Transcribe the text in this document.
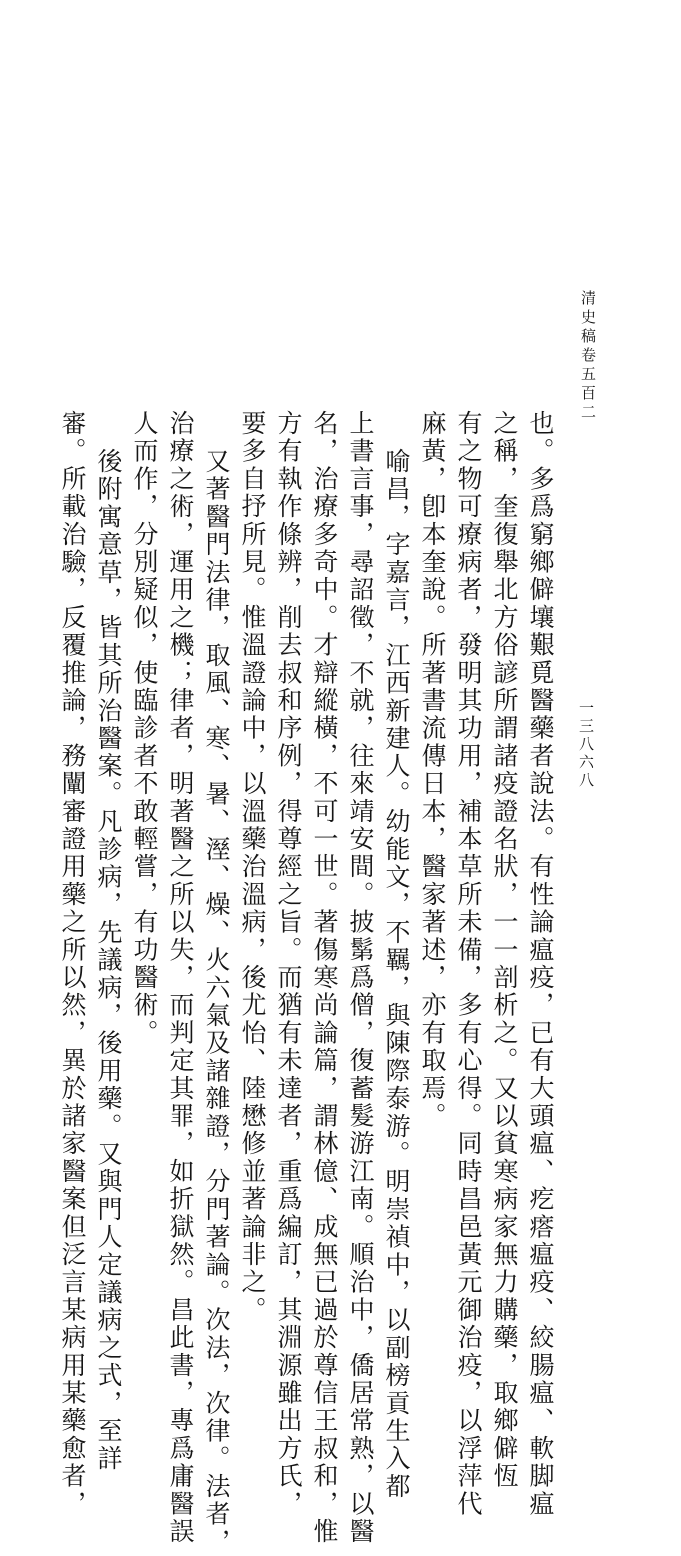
清史稿卷五百二
一三八六八
也。多爲窮鄉僻壤艱覓醫藥者說法。有性論瘟疫，已有大頭瘟、疙瘩瘟疫、絞腸瘟、軟脚瘟
之稱，奎復舉北方俗諺所謂諸疫證名狀，一一剖析之。又以貧寒病家無力購藥，取鄉僻恆
有之物可療病者，發明其功用，補本草所未備，多有心得。同時昌邑黃元御治疫，以浮萍代
麻黃，卽本奎說。所著書流傳日本，醫家著述，亦有取焉。
喻昌，字嘉言，江西新建人。幼能文，不羈，與陳際泰游。明崇禎中，以副榜貢生入都
上書言事，尋詔徵，不就，往來靖安間。披鬀爲僧，復蓄髮游江南。順治中，僑居常熟，以醫
名，治療多奇中。才辯縱橫，不可一世。著傷寒尚論篇，謂林億、成無已過於尊信王叔和，惟
方有執作條辨，削去叔和序例，得尊經之旨。而猶有未達者，重爲編訂，其淵源雖出方氏，
要多自抒所見。惟溫證論中，以溫藥治溫病，後尤怡、陸懋修並著論非之。
又著醫門法律，取風、寒、暑、溼、燥、火六氣及諸雜證，分門著論。次法，次律。法者，
治療之術，運用之機；律者，明著醫之所以失，而判定其罪，如折獄然。昌此書，專爲庸醫誤
人而作，分別疑似，使臨診者不敢輕嘗，有功醫術。
後附寓意草，皆其所治醫案。凡診病，先議病，後用藥。又與門人定議病之式，至詳
審。所載治驗，反覆推論，務闡審證用藥之所以然，異於諸家醫案但泛言某病用某藥愈者，
